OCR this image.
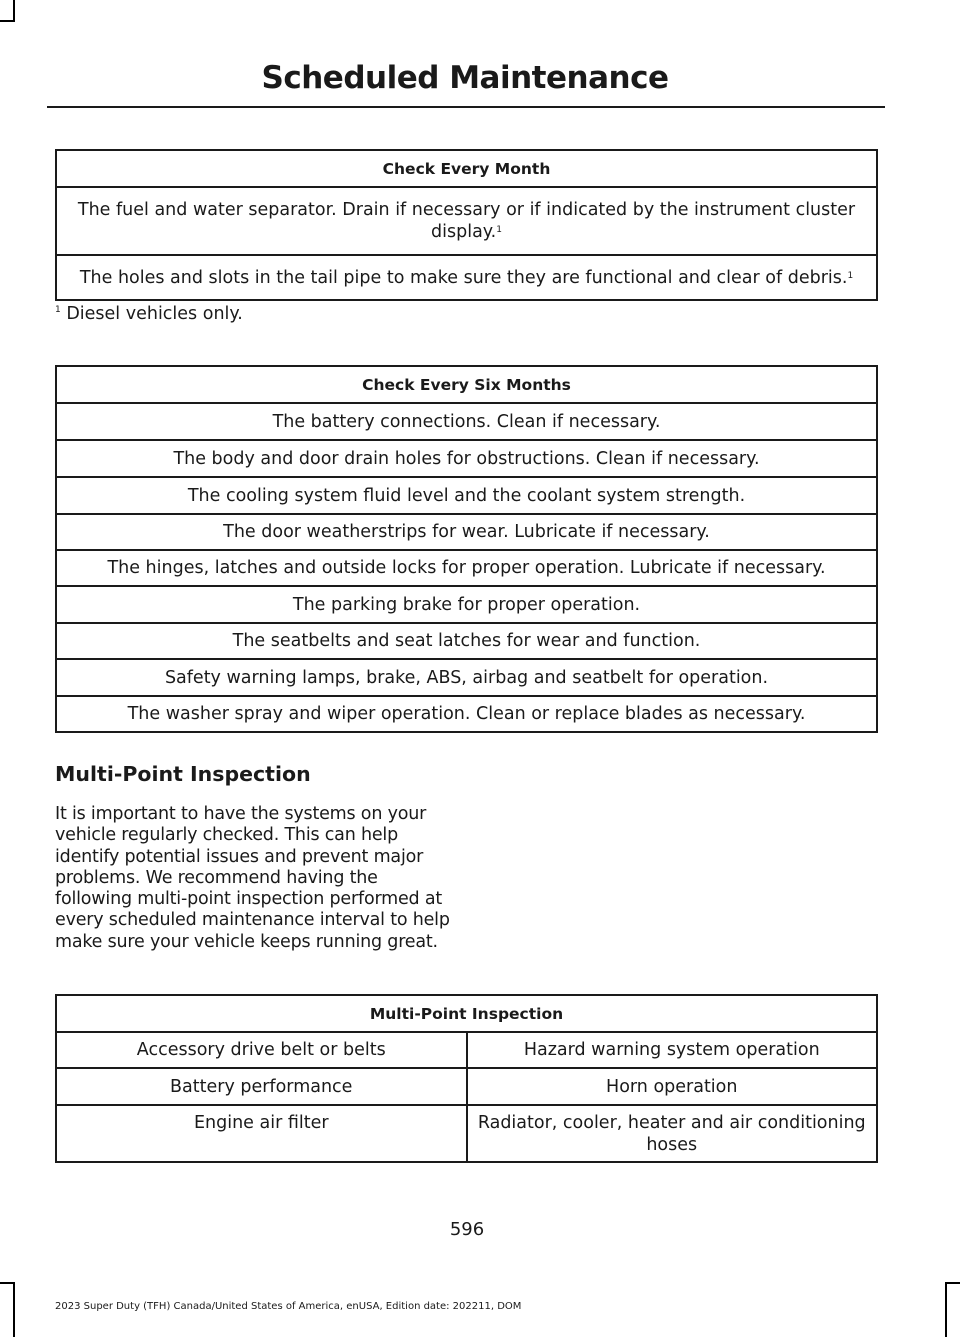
Scheduled Maintenance
Check Every Month
The fuel and water separator. Drain if necessary or if indicated by the instrument cluster display.$^1$
The holes and slots in the tail pipe to make sure they are functional and clear of debris.$^1$
$^1$ Diesel vehicles only.
Check Every Six Months
The battery connections. Clean if necessary.
The body and door drain holes for obstructions. Clean if necessary.
The cooling system fluid level and the coolant system strength.
The door weatherstrips for wear. Lubricate if necessary.
The hinges, latches and outside locks for proper operation. Lubricate if necessary.
The parking brake for proper operation.
The seatbelts and seat latches for wear and function.
Safety warning lamps, brake, ABS, airbag and seatbelt for operation.
The washer spray and wiper operation. Clean or replace blades as necessary.
Multi-Point Inspection
It is important to have the systems on your vehicle regularly checked. This can help identify potential issues and prevent major problems. We recommend having the following multi-point inspection performed at every scheduled maintenance interval to help make sure your vehicle keeps running great.
Multi-Point Inspection	
Accessory drive belt or belts	Hazard warning system operation
Battery performance	Horn operation
Engine air filter	Radiator, cooler, heater and air conditioning hoses
596
2023 Super Duty (TFH) Canada/United States of America, enUSA, Edition date: 202211, DOM
